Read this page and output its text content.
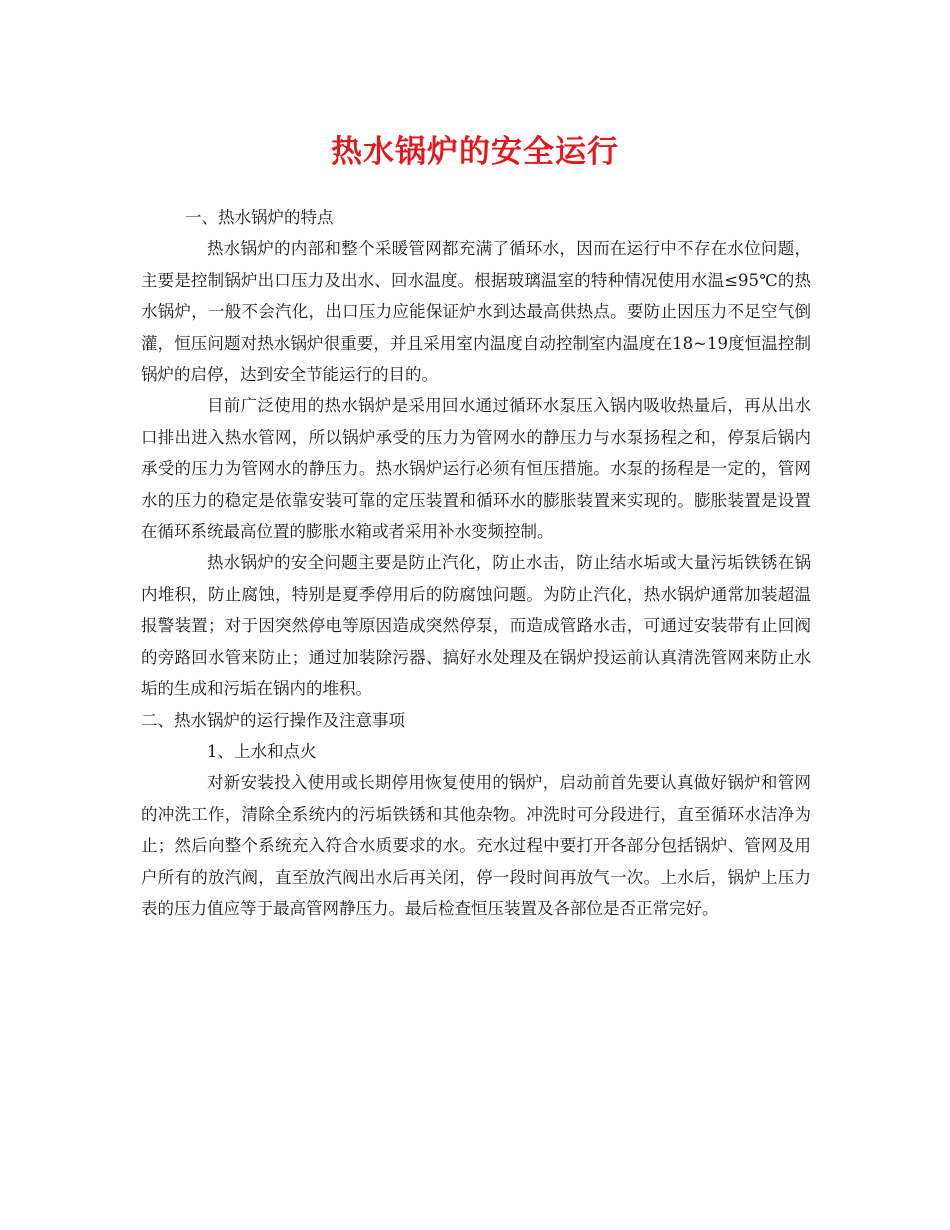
热水锅炉的安全运行

一、热水锅炉的特点

热水锅炉的内部和整个采暖管网都充满了循环水，因而在运行中不存在水位问题，主要是控制锅炉出口压力及出水、回水温度。根据玻璃温室的特种情况使用水温≤95℃的热水锅炉，一般不会汽化，出口压力应能保证炉水到达最高供热点。要防止因压力不足空气倒灌，恒压问题对热水锅炉很重要，并且采用室内温度自动控制室内温度在18~19度恒温控制锅炉的启停，达到安全节能运行的目的。

目前广泛使用的热水锅炉是采用回水通过循环水泵压入锅内吸收热量后，再从出水口排出进入热水管网，所以锅炉承受的压力为管网水的静压力与水泵扬程之和，停泵后锅内承受的压力为管网水的静压力。热水锅炉运行必须有恒压措施。水泵的扬程是一定的，管网水的压力的稳定是依靠安装可靠的定压装置和循环水的膨胀装置来实现的。膨胀装置是设置在循环系统最高位置的膨胀水箱或者采用补水变频控制。

热水锅炉的安全问题主要是防止汽化，防止水击，防止结水垢或大量污垢铁锈在锅内堆积，防止腐蚀，特别是夏季停用后的防腐蚀问题。为防止汽化，热水锅炉通常加装超温报警装置；对于因突然停电等原因造成突然停泵，而造成管路水击，可通过安装带有止回阀的旁路回水管来防止；通过加装除污器、搞好水处理及在锅炉投运前认真清洗管网来防止水垢的生成和污垢在锅内的堆积。

二、热水锅炉的运行操作及注意事项

1、上水和点火

对新安装投入使用或长期停用恢复使用的锅炉，启动前首先要认真做好锅炉和管网的冲洗工作，清除全系统内的污垢铁锈和其他杂物。冲洗时可分段进行，直至循环水洁净为止；然后向整个系统充入符合水质要求的水。充水过程中要打开各部分包括锅炉、管网及用户所有的放汽阀，直至放汽阀出水后再关闭，停一段时间再放气一次。上水后，锅炉上压力表的压力值应等于最高管网静压力。最后检查恒压装置及各部位是否正常完好。
